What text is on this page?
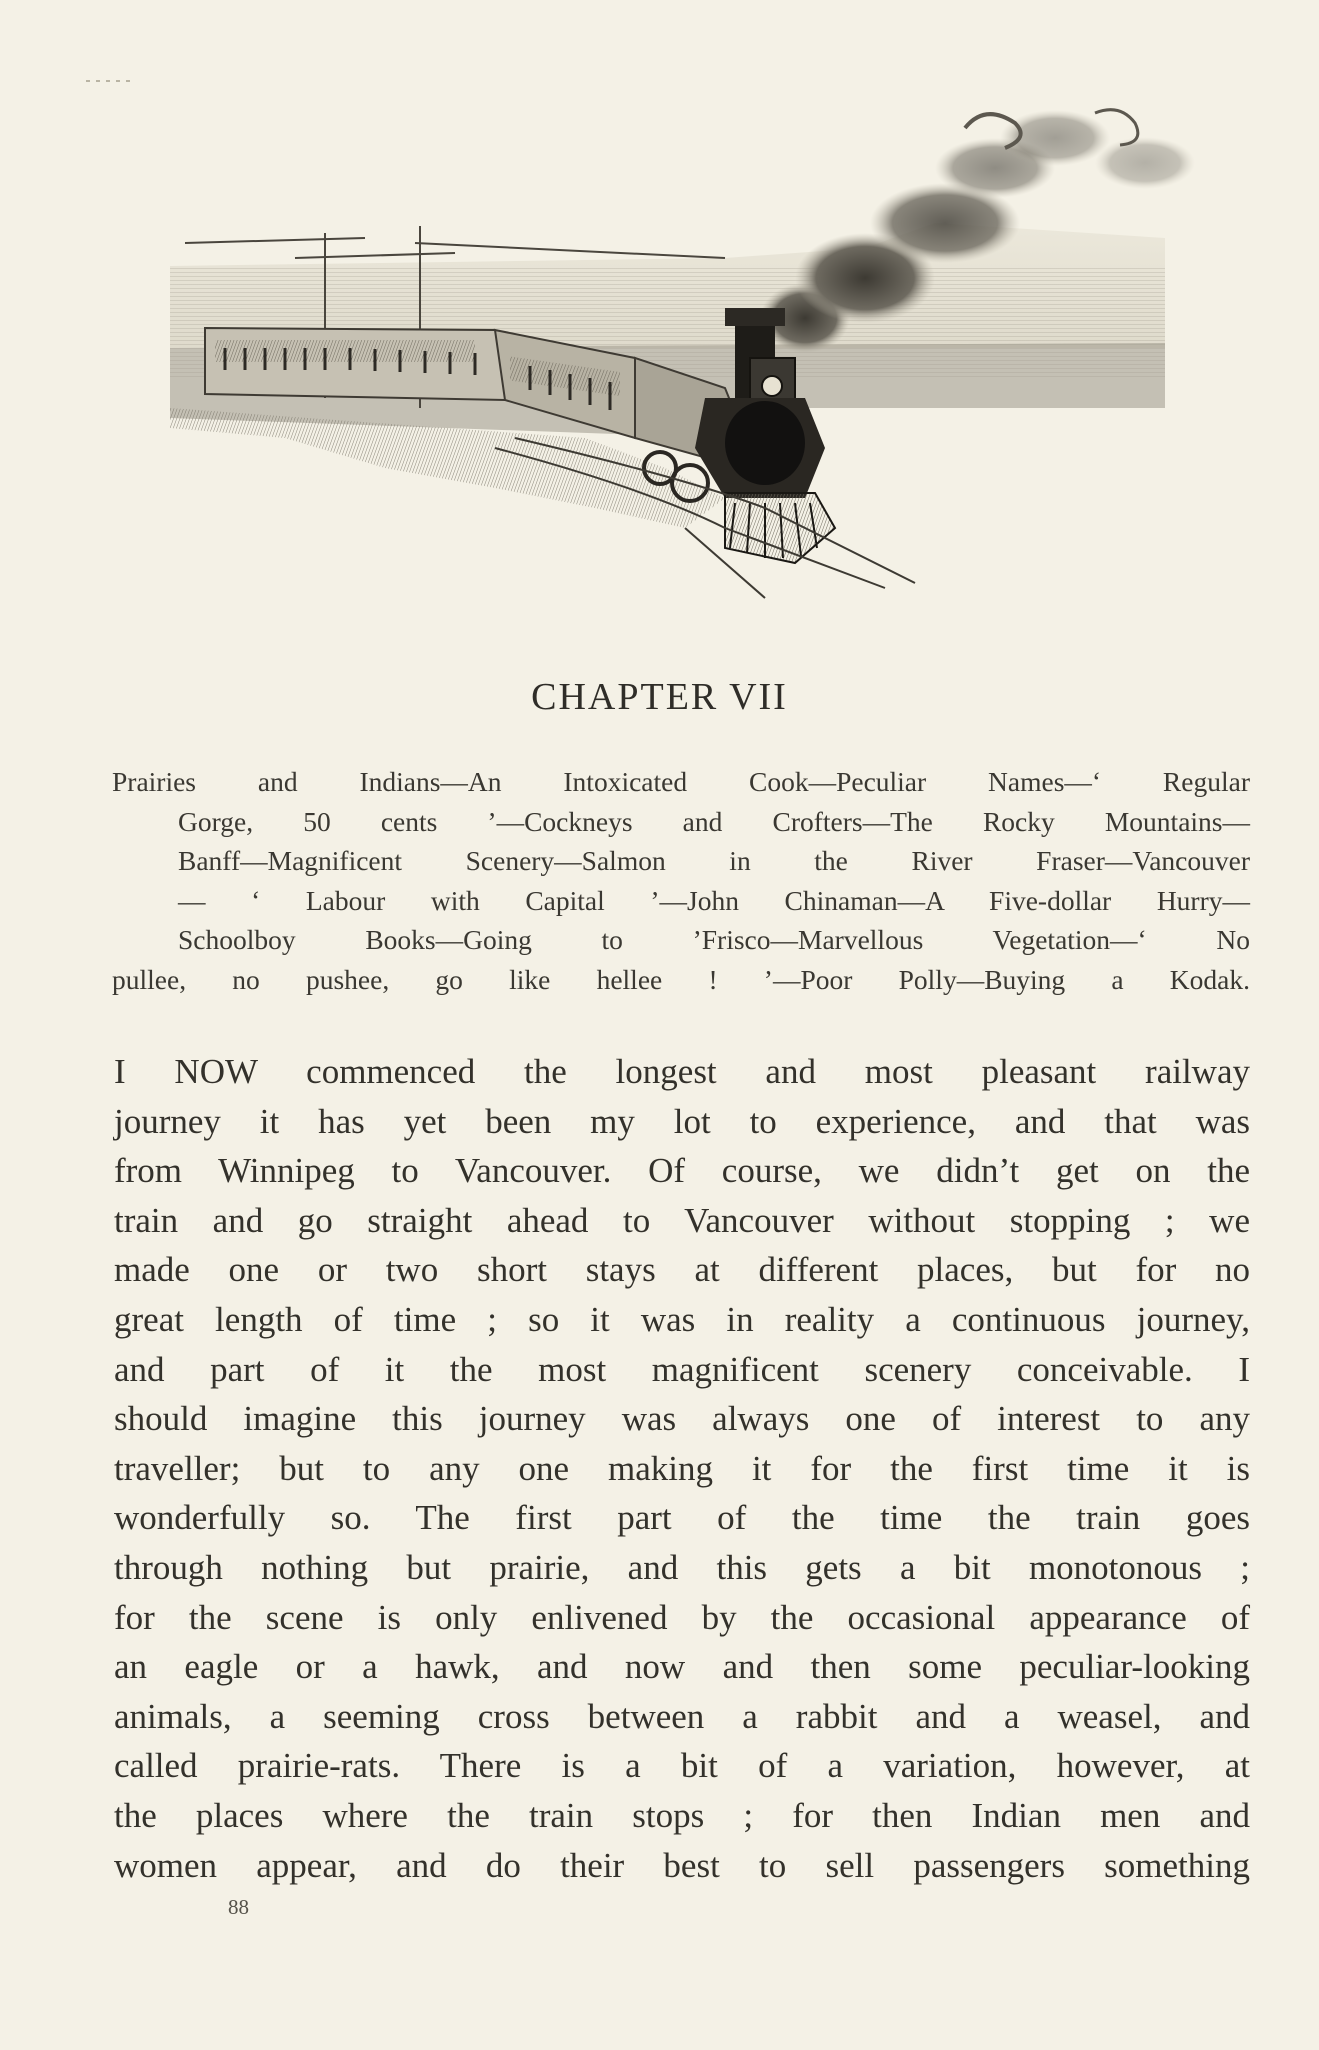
CHAPTER VII
Prairies and Indians—An Intoxicated Cook—Peculiar Names—‘ Regular
Gorge, 50 cents ’—Cockneys and Crofters—The Rocky Mountains—
Banff—Magnificent Scenery—Salmon in the River Fraser—Vancouver
— ‘ Labour with Capital ’—John Chinaman—A Five-dollar Hurry—
Schoolboy Books—Going to ’Frisco—Marvellous Vegetation—‘ No

pullee, no pushee, go like hellee ! ’—Poor Polly—Buying a Kodak.
I NOW commenced the longest and most pleasant railway
journey it has yet been my lot to experience, and that was
from Winnipeg to Vancouver. Of course, we didn’t get on the
train and go straight ahead to Vancouver without stopping ; we
made one or two short stays at different places, but for no
great length of time ; so it was in reality a continuous journey,
and part of it the most magnificent scenery conceivable. I
should imagine this journey was always one of interest to any
traveller; but to any one making it for the first time it is
wonderfully so. The first part of the time the train goes
through nothing but prairie, and this gets a bit monotonous ;
for the scene is only enlivened by the occasional appearance of
an eagle or a hawk, and now and then some peculiar-looking
animals, a seeming cross between a rabbit and a weasel, and
called prairie-rats. There is a bit of a variation, however, at
the places where the train stops ; for then Indian men and
women appear, and do their best to sell passengers something
88
